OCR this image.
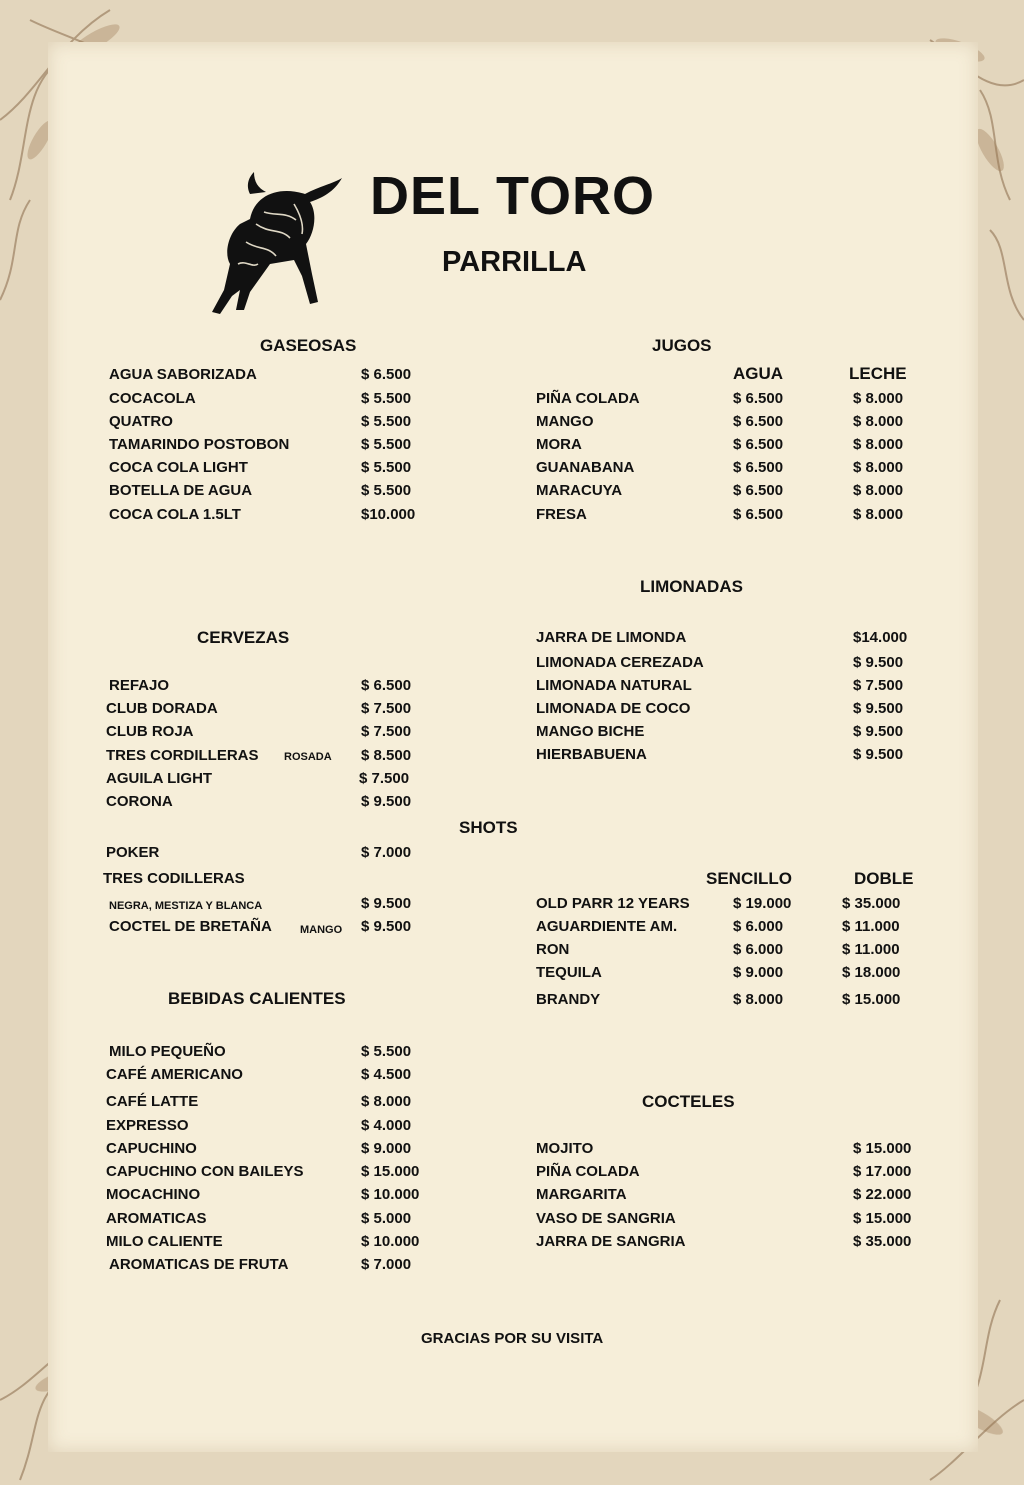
DEL TORO
PARRILLA
GASEOSAS
AGUA SABORIZADA	$ 6.500
COCACOLA	$ 5.500
QUATRO	$ 5.500
TAMARINDO POSTOBON	$ 5.500
COCA COLA LIGHT	$ 5.500
BOTELLA DE AGUA	$ 5.500
COCA COLA 1.5LT	$10.000
JUGOS
AGUA	LECHE
PIÑA COLADA	$ 6.500	$ 8.000
MANGO	$ 6.500	$ 8.000
MORA	$ 6.500	$ 8.000
GUANABANA	$ 6.500	$ 8.000
MARACUYA	$ 6.500	$ 8.000
FRESA	$ 6.500	$ 8.000
LIMONADAS
JARRA DE LIMONDA	$14.000
LIMONADA CEREZADA	$ 9.500
LIMONADA NATURAL	$ 7.500
LIMONADA DE COCO	$ 9.500
MANGO BICHE	$ 9.500
HIERBABUENA	$ 9.500
CERVEZAS
REFAJO	$ 6.500
CLUB DORADA	$ 7.500
CLUB ROJA	$ 7.500
TRES CORDILLERAS ROSADA $ 8.500
AGUILA LIGHT	$ 7.500
CORONA	$ 9.500
POKER	$ 7.000
TRES CODILLERAS
NEGRA, MESTIZA Y BLANCA	$ 9.500
COCTEL DE BRETAÑA	MANGO $ 9.500
SHOTS
SENCILLO	DOBLE
OLD PARR 12 YEARS	$ 19.000	$ 35.000
AGUARDIENTE AM.	$ 6.000	$ 11.000
RON	$ 6.000	$ 11.000
TEQUILA	$ 9.000	$ 18.000
BRANDY	$ 8.000	$ 15.000
BEBIDAS CALIENTES
MILO PEQUEÑO	$ 5.500
CAFÉ AMERICANO	$ 4.500
CAFÉ LATTE	$ 8.000
EXPRESSO	$ 4.000
CAPUCHINO	$ 9.000
CAPUCHINO CON BAILEYS	$ 15.000
MOCACHINO	$ 10.000
AROMATICAS	$ 5.000
MILO CALIENTE	$ 10.000
AROMATICAS DE FRUTA	$ 7.000
COCTELES
MOJITO	$ 15.000
PIÑA COLADA	$ 17.000
MARGARITA	$ 22.000
VASO DE SANGRIA	$ 15.000
JARRA DE SANGRIA	$ 35.000
GRACIAS POR SU VISITA
